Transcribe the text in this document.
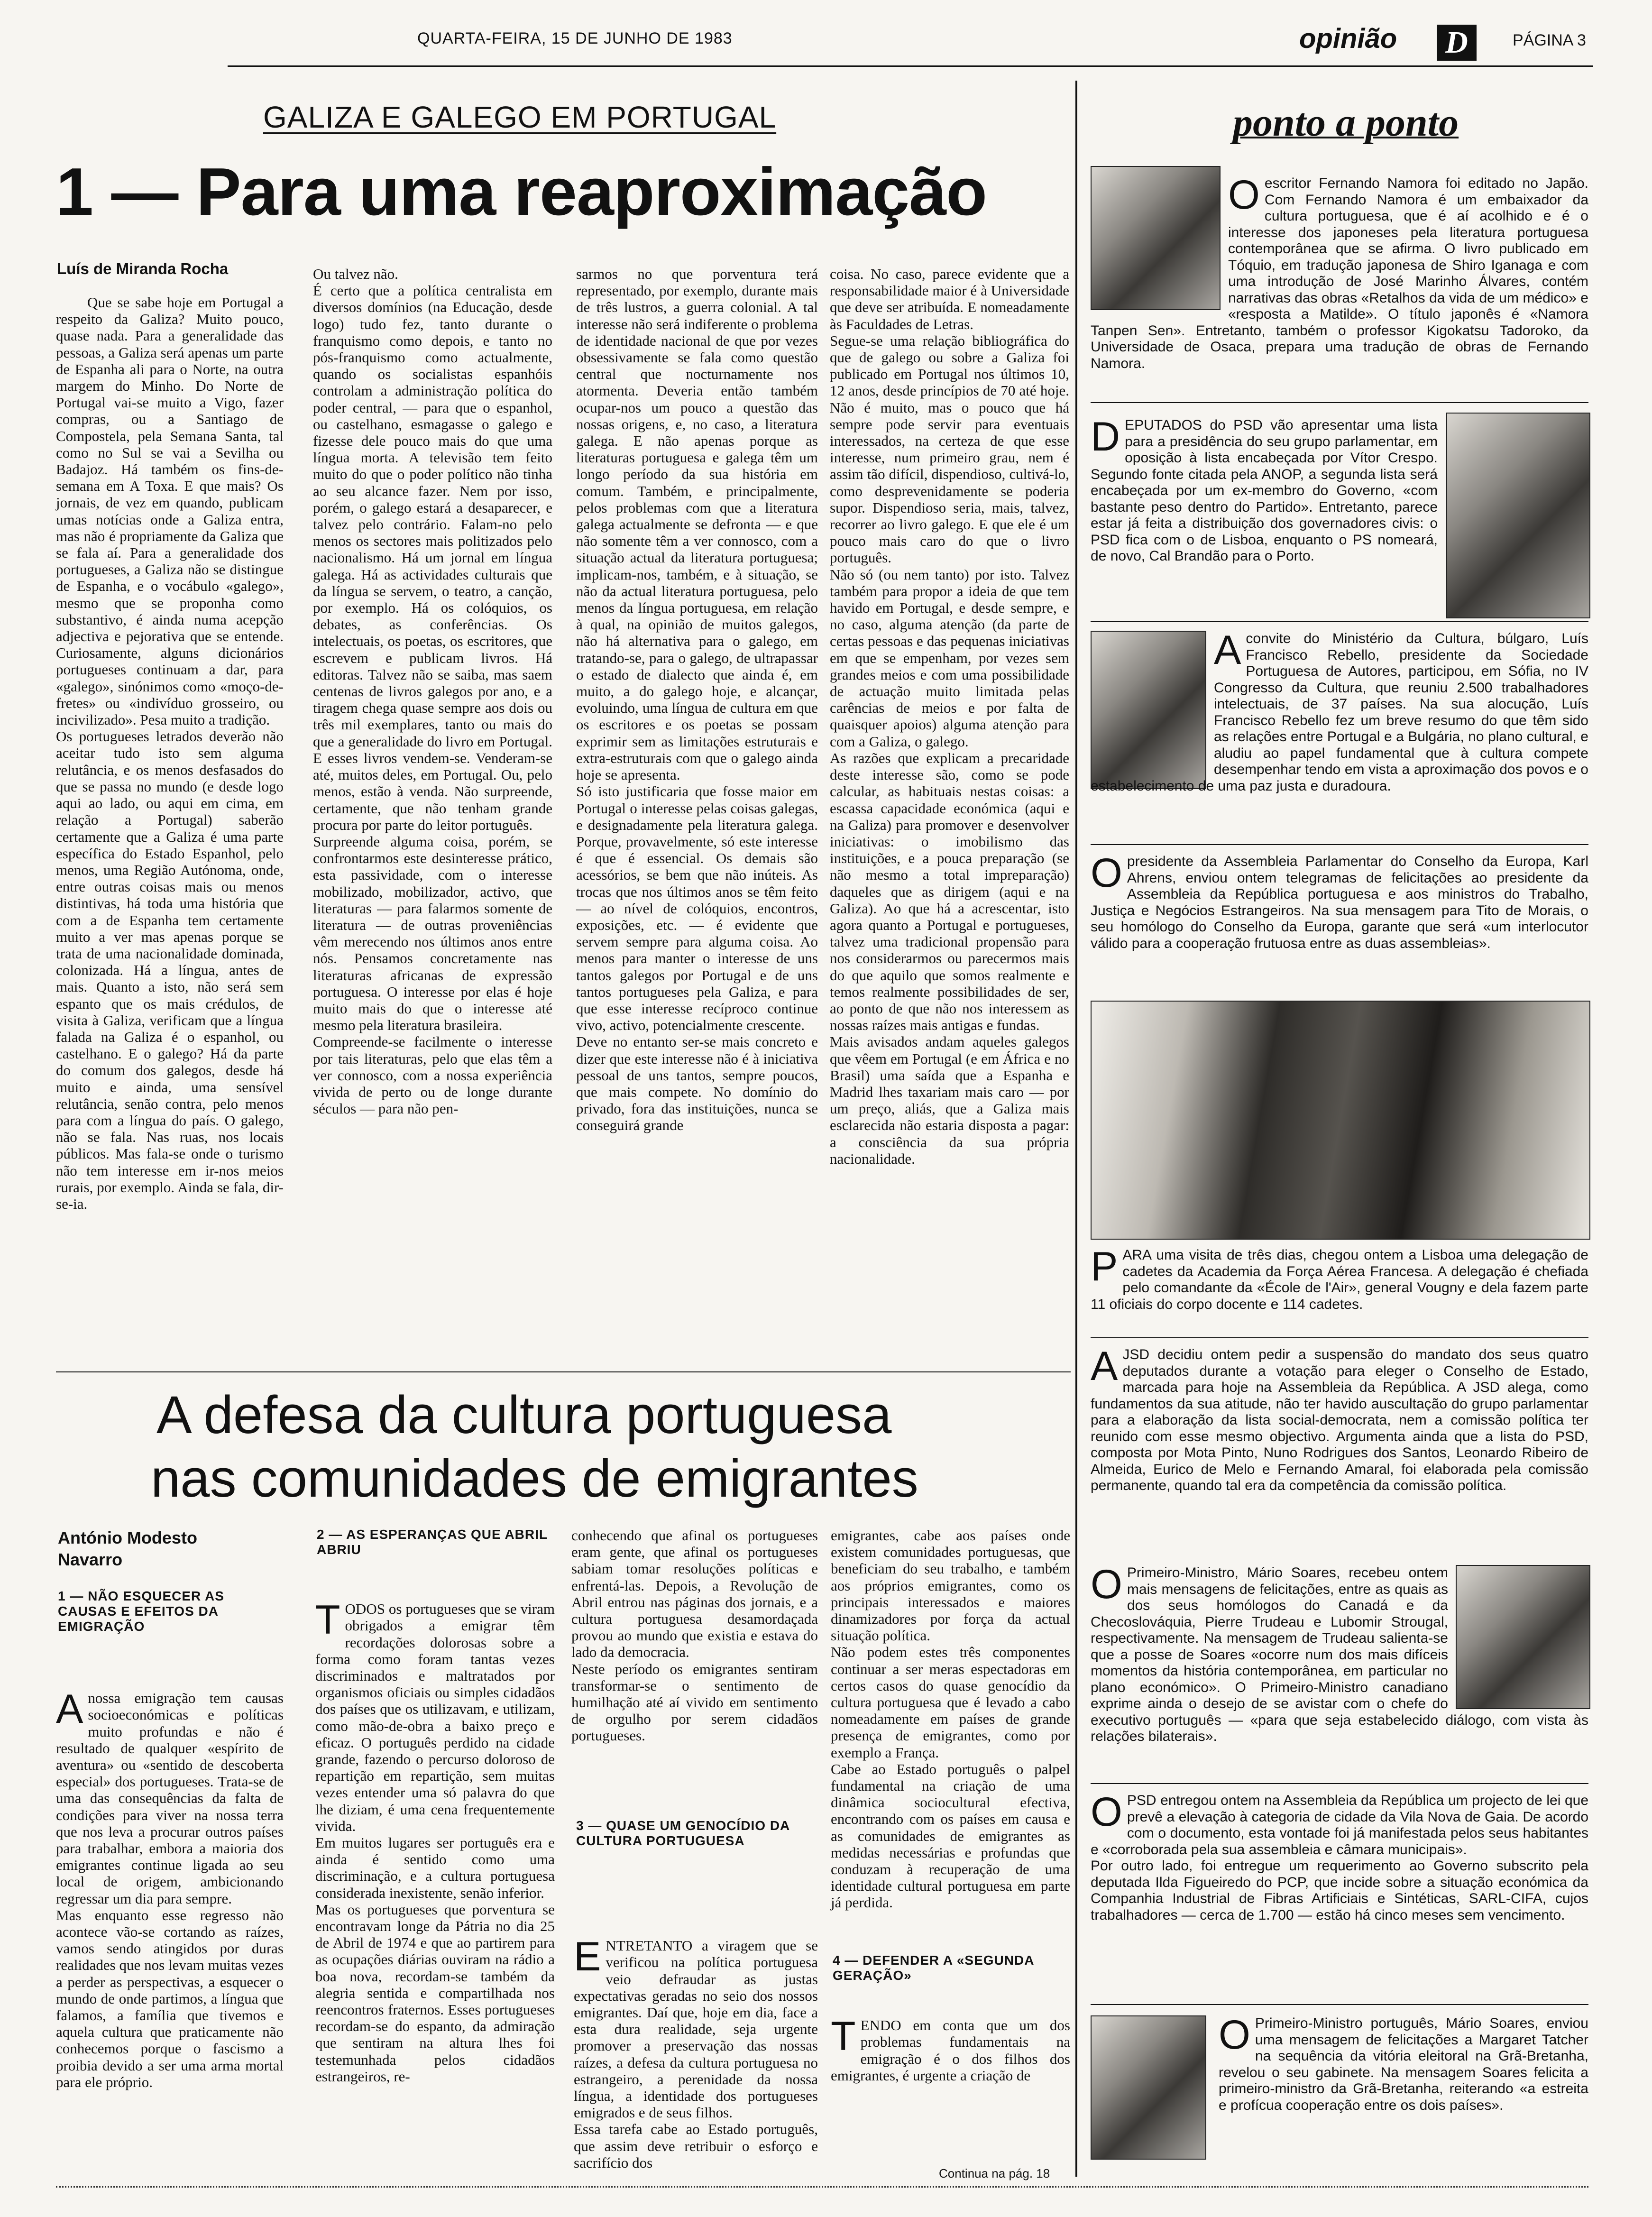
QUARTA-FEIRA, 15 DE JUNHO DE 1983	opinião D	PÁGINA 3
GALIZA E GALEGO EM PORTUGAL
1 — Para uma reaproximação
Luís de Miranda Rocha
Que se sabe hoje em Portugal a respeito da Galiza? Muito pouco, quase nada. Para a generalidade das pessoas, a Galiza será apenas um parte de Espanha ali para o Norte, na outra margem do Minho. Do Norte de Portugal vai-se muito a Vigo, fazer compras, ou a Santiago de Compostela, pela Semana Santa, tal como no Sul se vai a Sevilha ou Badajoz. Há também os fins-de-semana em A Toxa. E que mais? Os jornais, de vez em quando, publicam umas notícias onde a Galiza entra, mas não é propriamente da Galiza que se fala aí. Para a generalidade dos portugueses, a Galiza não se distingue de Espanha, e o vocábulo «galego», mesmo que se proponha como substantivo, é ainda numa acepção adjectiva e pejorativa que se entende. Curiosamente, alguns dicionários portugueses continuam a dar, para «galego», sinónimos como «moço-de-fretes» ou «indivíduo grosseiro, ou incivilizado». Pesa muito a tradição.
Os portugueses letrados deverão não aceitar tudo isto sem alguma relutância, e os menos desfasados do que se passa no mundo (e desde logo aqui ao lado, ou aqui em cima, em relação a Portugal) saberão certamente que a Galiza é uma parte específica do Estado Espanhol, pelo menos, uma Região Autónoma, onde, entre outras coisas mais ou menos distintivas, há toda uma história que com a de Espanha tem certamente muito a ver mas apenas porque se trata de uma nacionalidade dominada, colonizada. Há a língua, antes de mais. Quanto a isto, não será sem espanto que os mais crédulos, de visita à Galiza, verificam que a língua falada na Galiza é o espanhol, ou castelhano. E o galego? Há da parte do comum dos galegos, desde há muito e ainda, uma sensível relutância, senão contra, pelo menos para com a língua do país. O galego, não se fala. Nas ruas, nos locais públicos. Mas fala-se onde o turismo não tem interesse em ir-nos meios rurais, por exemplo. Ainda se fala, dir-se-ia.
Ou talvez não.
É certo que a política centralista em diversos domínios (na Educação, desde logo) tudo fez, tanto durante o franquismo como depois, e tanto no pós-franquismo como actualmente, quando os socialistas espanhóis controlam a administração política do poder central, — para que o espanhol, ou castelhano, esmagasse o galego e fizesse dele pouco mais do que uma língua morta. A televisão tem feito muito do que o poder político não tinha ao seu alcance fazer. Nem por isso, porém, o galego estará a desaparecer, e talvez pelo contrário. Falam-no pelo menos os sectores mais politizados pelo nacionalismo. Há um jornal em língua galega. Há as actividades culturais que da língua se servem, o teatro, a canção, por exemplo. Há os colóquios, os debates, as conferências. Os intelectuais, os poetas, os escritores, que escrevem e publicam livros. Há editoras. Talvez não se saiba, mas saem centenas de livros galegos por ano, e a tiragem chega quase sempre aos dois ou três mil exemplares, tanto ou mais do que a generalidade do livro em Portugal. E esses livros vendem-se. Venderam-se até, muitos deles, em Portugal. Ou, pelo menos, estão à venda. Não surpreende, certamente, que não tenham grande procura por parte do leitor português.
Surpreende alguma coisa, porém, se confrontarmos este desinteresse prático, esta passividade, com o interesse mobilizado, mobilizador, activo, que literaturas — para falarmos somente de literatura — de outras proveniências vêm merecendo nos últimos anos entre nós. Pensamos concretamente nas literaturas africanas de expressão portuguesa. O interesse por elas é hoje muito mais do que o interesse até mesmo pela literatura brasileira.
Compreende-se facilmente o interesse por tais literaturas, pelo que elas têm a ver connosco, com a nossa experiência vivida de perto ou de longe durante séculos — para não pen-
sarmos no que porventura terá representado, por exemplo, durante mais de três lustros, a guerra colonial. A tal interesse não será indiferente o problema de identidade nacional de que por vezes obsessivamente se fala como questão central que nocturnamente nos atormenta. Deveria então também ocupar-nos um pouco a questão das nossas origens, e, no caso, a literatura galega. E não apenas porque as literaturas portuguesa e galega têm um longo período da sua história em comum. Também, e principalmente, pelos problemas com que a literatura galega actualmente se defronta — e que não somente têm a ver connosco, com a situação actual da literatura portuguesa; implicam-nos, também, e à situação, se não da actual literatura portuguesa, pelo menos da língua portuguesa, em relação à qual, na opinião de muitos galegos, não há alternativa para o galego, em tratando-se, para o galego, de ultrapassar o estado de dialecto que ainda é, em muito, a do galego hoje, e alcançar, evoluindo, uma língua de cultura em que os escritores e os poetas se possam exprimir sem as limitações estruturais e extra-estruturais com que o galego ainda hoje se apresenta.
Só isto justificaria que fosse maior em Portugal o interesse pelas coisas galegas, e designadamente pela literatura galega. Porque, provavelmente, só este interesse é que é essencial. Os demais são acessórios, se bem que não inúteis. As trocas que nos últimos anos se têm feito — ao nível de colóquios, encontros, exposições, etc. — é evidente que servem sempre para alguma coisa. Ao menos para manter o interesse de uns tantos galegos por Portugal e de uns tantos portugueses pela Galiza, e para que esse interesse recíproco continue vivo, activo, potencialmente crescente.
Deve no entanto ser-se mais concreto e dizer que este interesse não é à iniciativa pessoal de uns tantos, sempre poucos, que mais compete. No domínio do privado, fora das instituições, nunca se conseguirá grande
coisa. No caso, parece evidente que a responsabilidade maior é à Universidade que deve ser atribuída. E nomeadamente às Faculdades de Letras.
Segue-se uma relação bibliográfica do que de galego ou sobre a Galiza foi publicado em Portugal nos últimos 10, 12 anos, desde princípios de 70 até hoje. Não é muito, mas o pouco que há sempre pode servir para eventuais interessados, na certeza de que esse interesse, num primeiro grau, nem é assim tão difícil, dispendioso, cultivá-lo, como desprevenidamente se poderia supor. Dispendioso seria, mais, talvez, recorrer ao livro galego. E que ele é um pouco mais caro do que o livro português.
Não só (ou nem tanto) por isto. Talvez também para propor a ideia de que tem havido em Portugal, e desde sempre, e no caso, alguma atenção (da parte de certas pessoas e das pequenas iniciativas em que se empenham, por vezes sem grandes meios e com uma possibilidade de actuação muito limitada pelas carências de meios e por falta de quaisquer apoios) alguma atenção para com a Galiza, o galego.
As razões que explicam a precaridade deste interesse são, como se pode calcular, as habituais nestas coisas: a escassa capacidade económica (aqui e na Galiza) para promover e desenvolver iniciativas: o imobilismo das instituições, e a pouca preparação (se não mesmo a total impreparação) daqueles que as dirigem (aqui e na Galiza). Ao que há a acrescentar, isto agora quanto a Portugal e portugueses, talvez uma tradicional propensão para nos considerarmos ou parecermos mais do que aquilo que somos realmente e temos realmente possibilidades de ser, ao ponto de que não nos interessem as nossas raízes mais antigas e fundas.
Mais avisados andam aqueles galegos que vêem em Portugal (e em África e no Brasil) uma saída que a Espanha e Madrid lhes taxariam mais caro — por um preço, aliás, que a Galiza mais esclarecida não estaria disposta a pagar: a consciência da sua própria nacionalidade.
A defesa da cultura portuguesa
nas comunidades de emigrantes
António Modesto
Navarro
1 — NÃO ESQUECER AS CAUSAS E EFEITOS DA EMIGRAÇÃO

Anossa emigração tem causas socioeconómicas e políticas muito profundas e não é resultado de qualquer «espírito de aventura» ou «sentido de descoberta especial» dos portugueses. Trata-se de uma das consequências da falta de condições para viver na nossa terra que nos leva a procurar outros países para trabalhar, embora a maioria dos emigrantes continue ligada ao seu local de origem, ambicionando regressar um dia para sempre.
Mas enquanto esse regresso não acontece vão-se cortando as raízes, vamos sendo atingidos por duras realidades que nos levam muitas vezes a perder as perspectivas, a esquecer o mundo de onde partimos, a língua que falamos, a família que tivemos e aquela cultura que praticamente não conhecemos porque o fascismo a proibia devido a ser uma arma mortal para ele próprio.

2 — AS ESPERANÇAS QUE ABRIL ABRIU

TODOS os portugueses que se viram obrigados a emigrar têm recordações dolorosas sobre a forma como foram tantas vezes discriminados e maltratados por organismos oficiais ou simples cidadãos dos países que os utilizavam, e utilizam, como mão-de-obra a baixo preço e eficaz. O português perdido na cidade grande, fazendo o percurso doloroso de repartição em repartição, sem muitas vezes entender uma só palavra do que lhe diziam, é uma cena frequentemente vivida.
Em muitos lugares ser português era e ainda é sentido como uma discriminação, e a cultura portuguesa considerada inexistente, senão inferior.
Mas os portugueses que porventura se encontravam longe da Pátria no dia 25 de Abril de 1974 e que ao partirem para as ocupações diárias ouviram na rádio a boa nova, recordam-se também da alegria sentida e compartilhada nos reencontros fraternos. Esses portugueses recordam-se do espanto, da admiração que sentiram na altura lhes foi testemunhada pelos cidadãos estrangeiros, re-

conhecendo que afinal os portugueses eram gente, que afinal os portugueses sabiam tomar resoluções políticas e enfrentá-las. Depois, a Revolução de Abril entrou nas páginas dos jornais, e a cultura portuguesa desamordaçada provou ao mundo que existia e estava do lado da democracia.
Neste período os emigrantes sentiram transformar-se o sentimento de humilhação até aí vivido em sentimento de orgulho por serem cidadãos portugueses.
3 — QUASE UM GENOCÍDIO DA CULTURA PORTUGUESA

ENTRETANTO a viragem que se verificou na política portuguesa veio defraudar as justas expectativas geradas no seio dos nossos emigrantes. Daí que, hoje em dia, face a esta dura realidade, seja urgente promover a preservação das nossas raízes, a defesa da cultura portuguesa no estrangeiro, a perenidade da nossa língua, a identidade dos portugueses emigrados e de seus filhos.
Essa tarefa cabe ao Estado português, que assim deve retribuir o esforço e sacrifício dos

emigrantes, cabe aos países onde existem comunidades portuguesas, que beneficiam do seu trabalho, e também aos próprios emigrantes, como os principais interessados e maiores dinamizadores por força da actual situação política.
Não podem estes três componentes continuar a ser meras espectadoras em certos casos do quase genocídio da cultura portuguesa que é levado a cabo nomeadamente em países de grande presença de emigrantes, como por exemplo a França.
Cabe ao Estado português o palpel fundamental na criação de uma dinâmica sociocultural efectiva, encontrando com os países em causa e as comunidades de emigrantes as medidas necessárias e profundas que conduzam à recuperação de uma identidade cultural portuguesa em parte já perdida.
4 — DEFENDER A «SEGUNDA GERAÇÃO»

TENDO em conta que um dos problemas fundamentais na emigração é o dos filhos dos emigrantes, é urgente a criação de

Continua na pág. 18
ponto a ponto
Oescritor Fernando Namora foi editado no Japão. Com Fernando Namora é um embaixador da cultura portuguesa, que é aí acolhido e é o interesse dos japoneses pela literatura portuguesa contemporânea que se afirma. O livro publicado em Tóquio, em tradução japonesa de Shiro Iganaga e com uma introdução de José Marinho Álvares, contém narrativas das obras «Retalhos da vida de um médico» e «resposta a Matilde». O título japonês é «Namora Tanpen Sen». Entretanto, também o professor Kigokatsu Tadoroko, da Universidade de Osaca, prepara uma tradução de obras de Fernando Namora.
DEPUTADOS do PSD vão apresentar uma lista para a presidência do seu grupo parlamentar, em oposição à lista encabeçada por Vítor Crespo. Segundo fonte citada pela ANOP, a segunda lista será encabeçada por um ex-membro do Governo, «com bastante peso dentro do Partido». Entretanto, parece estar já feita a distribuição dos governadores civis: o PSD fica com o de Lisboa, enquanto o PS nomeará, de novo, Cal Brandão para o Porto.
Aconvite do Ministério da Cultura, búlgaro, Luís Francisco Rebello, presidente da Sociedade Portuguesa de Autores, participou, em Sófia, no IV Congresso da Cultura, que reuniu 2.500 trabalhadores intelectuais, de 37 países. Na sua alocução, Luís Francisco Rebello fez um breve resumo do que têm sido as relações entre Portugal e a Bulgária, no plano cultural, e aludiu ao papel fundamental que à cultura compete desempenhar tendo em vista a aproximação dos povos e o estabelecimento de uma paz justa e duradoura.
Opresidente da Assembleia Parlamentar do Conselho da Europa, Karl Ahrens, enviou ontem telegramas de felicitações ao presidente da Assembleia da República portuguesa e aos ministros do Trabalho, Justiça e Negócios Estrangeiros. Na sua mensagem para Tito de Morais, o seu homólogo do Conselho da Europa, garante que será «um interlocutor válido para a cooperação frutuosa entre as duas assembleias».
PARA uma visita de três dias, chegou ontem a Lisboa uma delegação de cadetes da Academia da Força Aérea Francesa. A delegação é chefiada pelo comandante da «École de l'Air», general Vougny e dela fazem parte 11 oficiais do corpo docente e 114 cadetes.
AJSD decidiu ontem pedir a suspensão do mandato dos seus quatro deputados durante a votação para eleger o Conselho de Estado, marcada para hoje na Assembleia da República. A JSD alega, como fundamentos da sua atitude, não ter havido auscultação do grupo parlamentar para a elaboração da lista social-democrata, nem a comissão política ter reunido com esse mesmo objectivo. Argumenta ainda que a lista do PSD, composta por Mota Pinto, Nuno Rodrigues dos Santos, Leonardo Ribeiro de Almeida, Eurico de Melo e Fernando Amaral, foi elaborada pela comissão permanente, quando tal era da competência da comissão política.
O Primeiro-Ministro, Mário Soares, recebeu ontem mais mensagens de felicitações, entre as quais as dos seus homólogos do Canadá e da Checoslováquia, Pierre Trudeau e Lubomir Strougal, respectivamente. Na mensagem de Trudeau salienta-se que a posse de Soares «ocorre num dos mais difíceis momentos da história contemporânea, em particular no plano económico». O Primeiro-Ministro canadiano exprime ainda o desejo de se avistar com o chefe do executivo português — «para que seja estabelecido diálogo, com vista às relações bilaterais».
OPSD entregou ontem na Assembleia da República um projecto de lei que prevê a elevação à categoria de cidade da Vila Nova de Gaia. De acordo com o documento, esta vontade foi já manifestada pelos seus habitantes e «corroborada pela sua assembleia e câmara municipais».
Por outro lado, foi entregue um requerimento ao Governo subscrito pela deputada Ilda Figueiredo do PCP, que incide sobre a situação económica da Companhia Industrial de Fibras Artificiais e Sintéticas, SARL-CIFA, cujos trabalhadores — cerca de 1.700 — estão há cinco meses sem vencimento.
O Primeiro-Ministro português, Mário Soares, enviou uma mensagem de felicitações a Margaret Tatcher na sequência da vitória eleitoral na Grã-Bretanha, revelou o seu gabinete. Na mensagem Soares felicita a primeiro-ministro da Grã-Bretanha, reiterando «a estreita e profícua cooperação entre os dois países».
